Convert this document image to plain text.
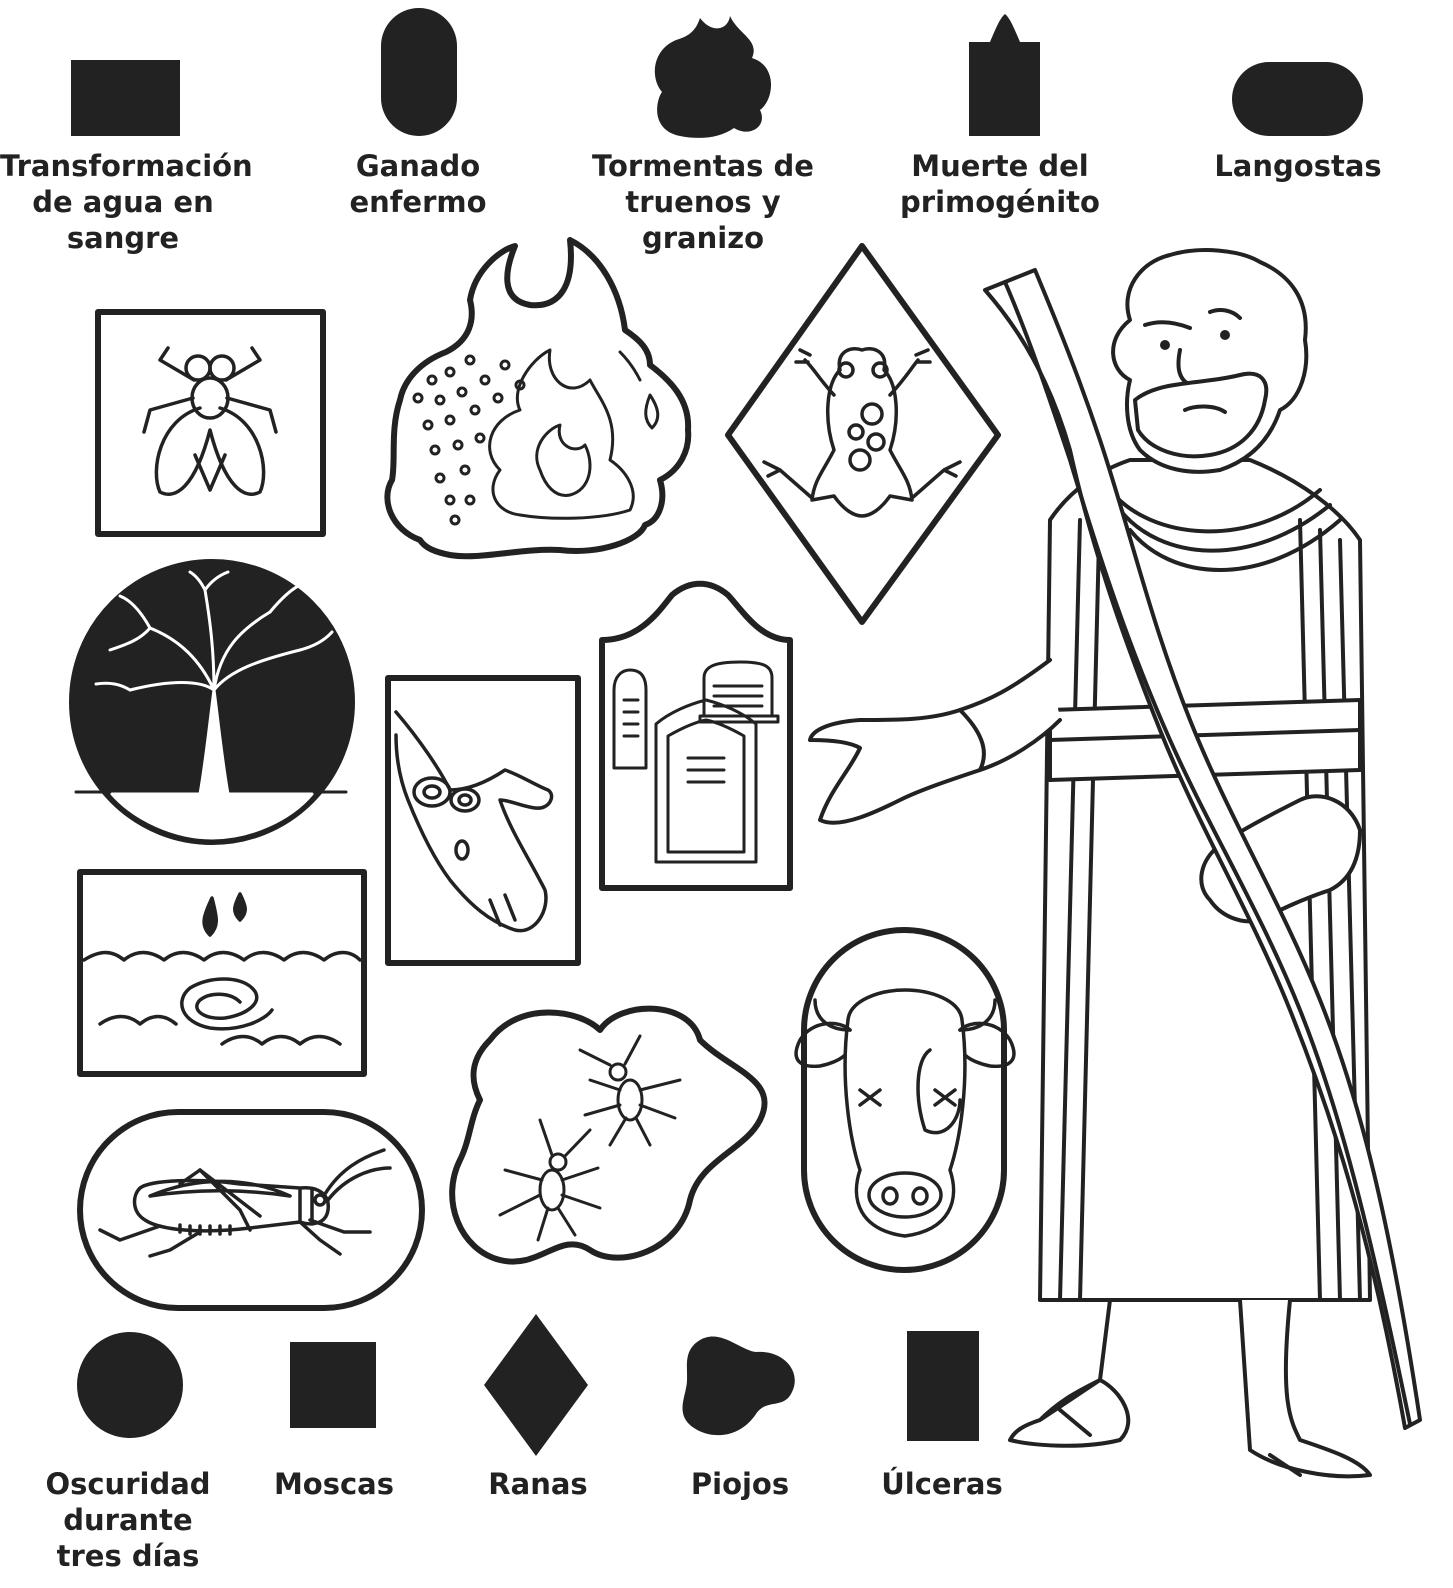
Transformación
de agua en
sangre
Ganado
enfermo
Tormentas de
truenos y granizo
Muerte del
primogénito
Langostas
Oscuridad
durante
tres días
Moscas	Ranas	Piojos	Úlceras
